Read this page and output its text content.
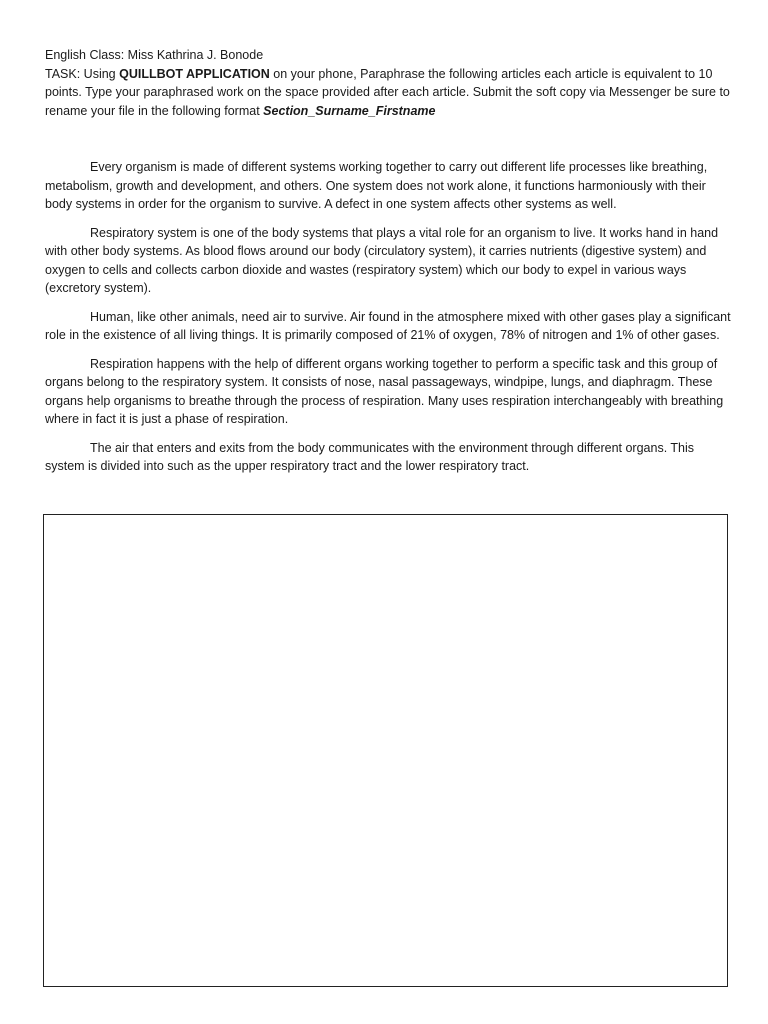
English Class: Miss Kathrina J. Bonode

TASK: Using QUILLBOT APPLICATION on your phone, Paraphrase the following articles each article is equivalent to 10 points. Type your paraphrased work on the space provided after each article. Submit the soft copy via Messenger be sure to rename your file in the following format Section_Surname_Firstname

Every organism is made of different systems working together to carry out different life processes like breathing, metabolism, growth and development, and others. One system does not work alone, it functions harmoniously with their body systems in order for the organism to survive. A defect in one system affects other systems as well.

Respiratory system is one of the body systems that plays a vital role for an organism to live. It works hand in hand with other body systems. As blood flows around our body (circulatory system), it carries nutrients (digestive system) and oxygen to cells and collects carbon dioxide and wastes (respiratory system) which our body to expel in various ways (excretory system).

Human, like other animals, need air to survive. Air found in the atmosphere mixed with other gases play a significant role in the existence of all living things. It is primarily composed of 21% of oxygen, 78% of nitrogen and 1% of other gases.

Respiration happens with the help of different organs working together to perform a specific task and this group of organs belong to the respiratory system. It consists of nose, nasal passageways, windpipe, lungs, and diaphragm. These organs help organisms to breathe through the process of respiration. Many uses respiration interchangeably with breathing where in fact it is just a phase of respiration.

The air that enters and exits from the body communicates with the environment through different organs. This system is divided into such as the upper respiratory tract and the lower respiratory tract.
